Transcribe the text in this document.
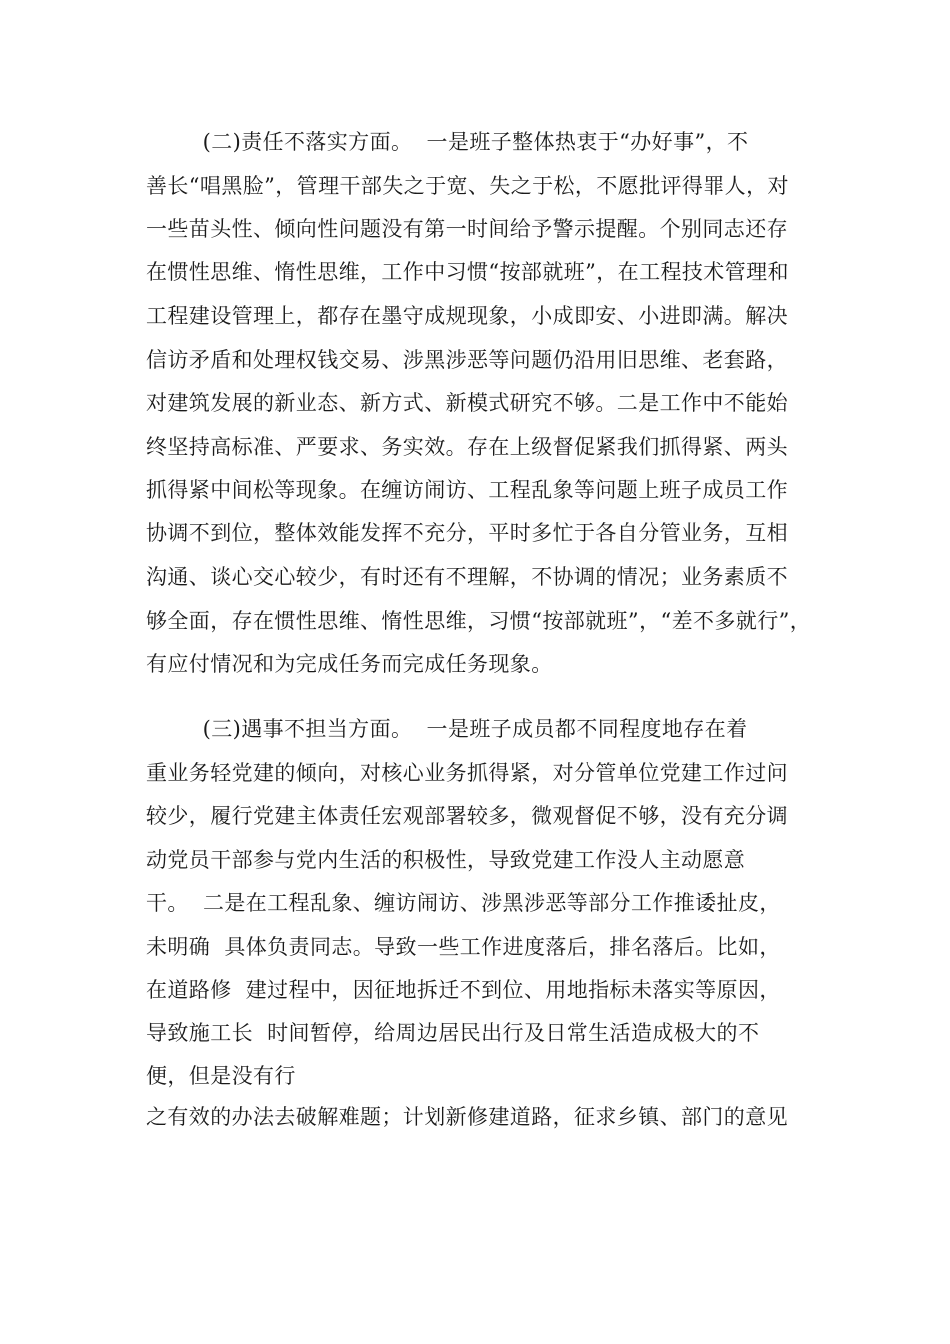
(二)责任不落实方面。  一是班子整体热衷于“办好事”，不
善长“唱黑脸”，管理干部失之于宽、失之于松，不愿批评得罪人，对
一些苗头性、倾向性问题没有第一时间给予警示提醒。个别同志还存
在惯性思维、惰性思维，工作中习惯“按部就班”，在工程技术管理和
工程建设管理上，都存在墨守成规现象，小成即安、小进即满。解决
信访矛盾和处理权钱交易、涉黑涉恶等问题仍沿用旧思维、老套路，
对建筑发展的新业态、新方式、新模式研究不够。二是工作中不能始
终坚持高标准、严要求、务实效。存在上级督促紧我们抓得紧、两头
抓得紧中间松等现象。在缠访闹访、工程乱象等问题上班子成员工作
协调不到位，整体效能发挥不充分，平时多忙于各自分管业务，互相
沟通、谈心交心较少，有时还有不理解，不协调的情况；业务素质不
够全面，存在惯性思维、惰性思维，习惯“按部就班”，“差不多就行”，
有应付情况和为完成任务而完成任务现象。
(三)遇事不担当方面。  一是班子成员都不同程度地存在着
重业务轻党建的倾向，对核心业务抓得紧，对分管单位党建工作过问
较少，履行党建主体责任宏观部署较多，微观督促不够，没有充分调
动党员干部参与党内生活的积极性，导致党建工作没人主动愿意
干。  二是在工程乱象、缠访闹访、涉黑涉恶等部分工作推诿扯皮，
未明确  具体负责同志。导致一些工作进度落后，排名落后。比如，
在道路修  建过程中，因征地拆迁不到位、用地指标未落实等原因，
导致施工长  时间暂停，给周边居民出行及日常生活造成极大的不
便，但是没有行
之有效的办法去破解难题；计划新修建道路，征求乡镇、部门的意见
